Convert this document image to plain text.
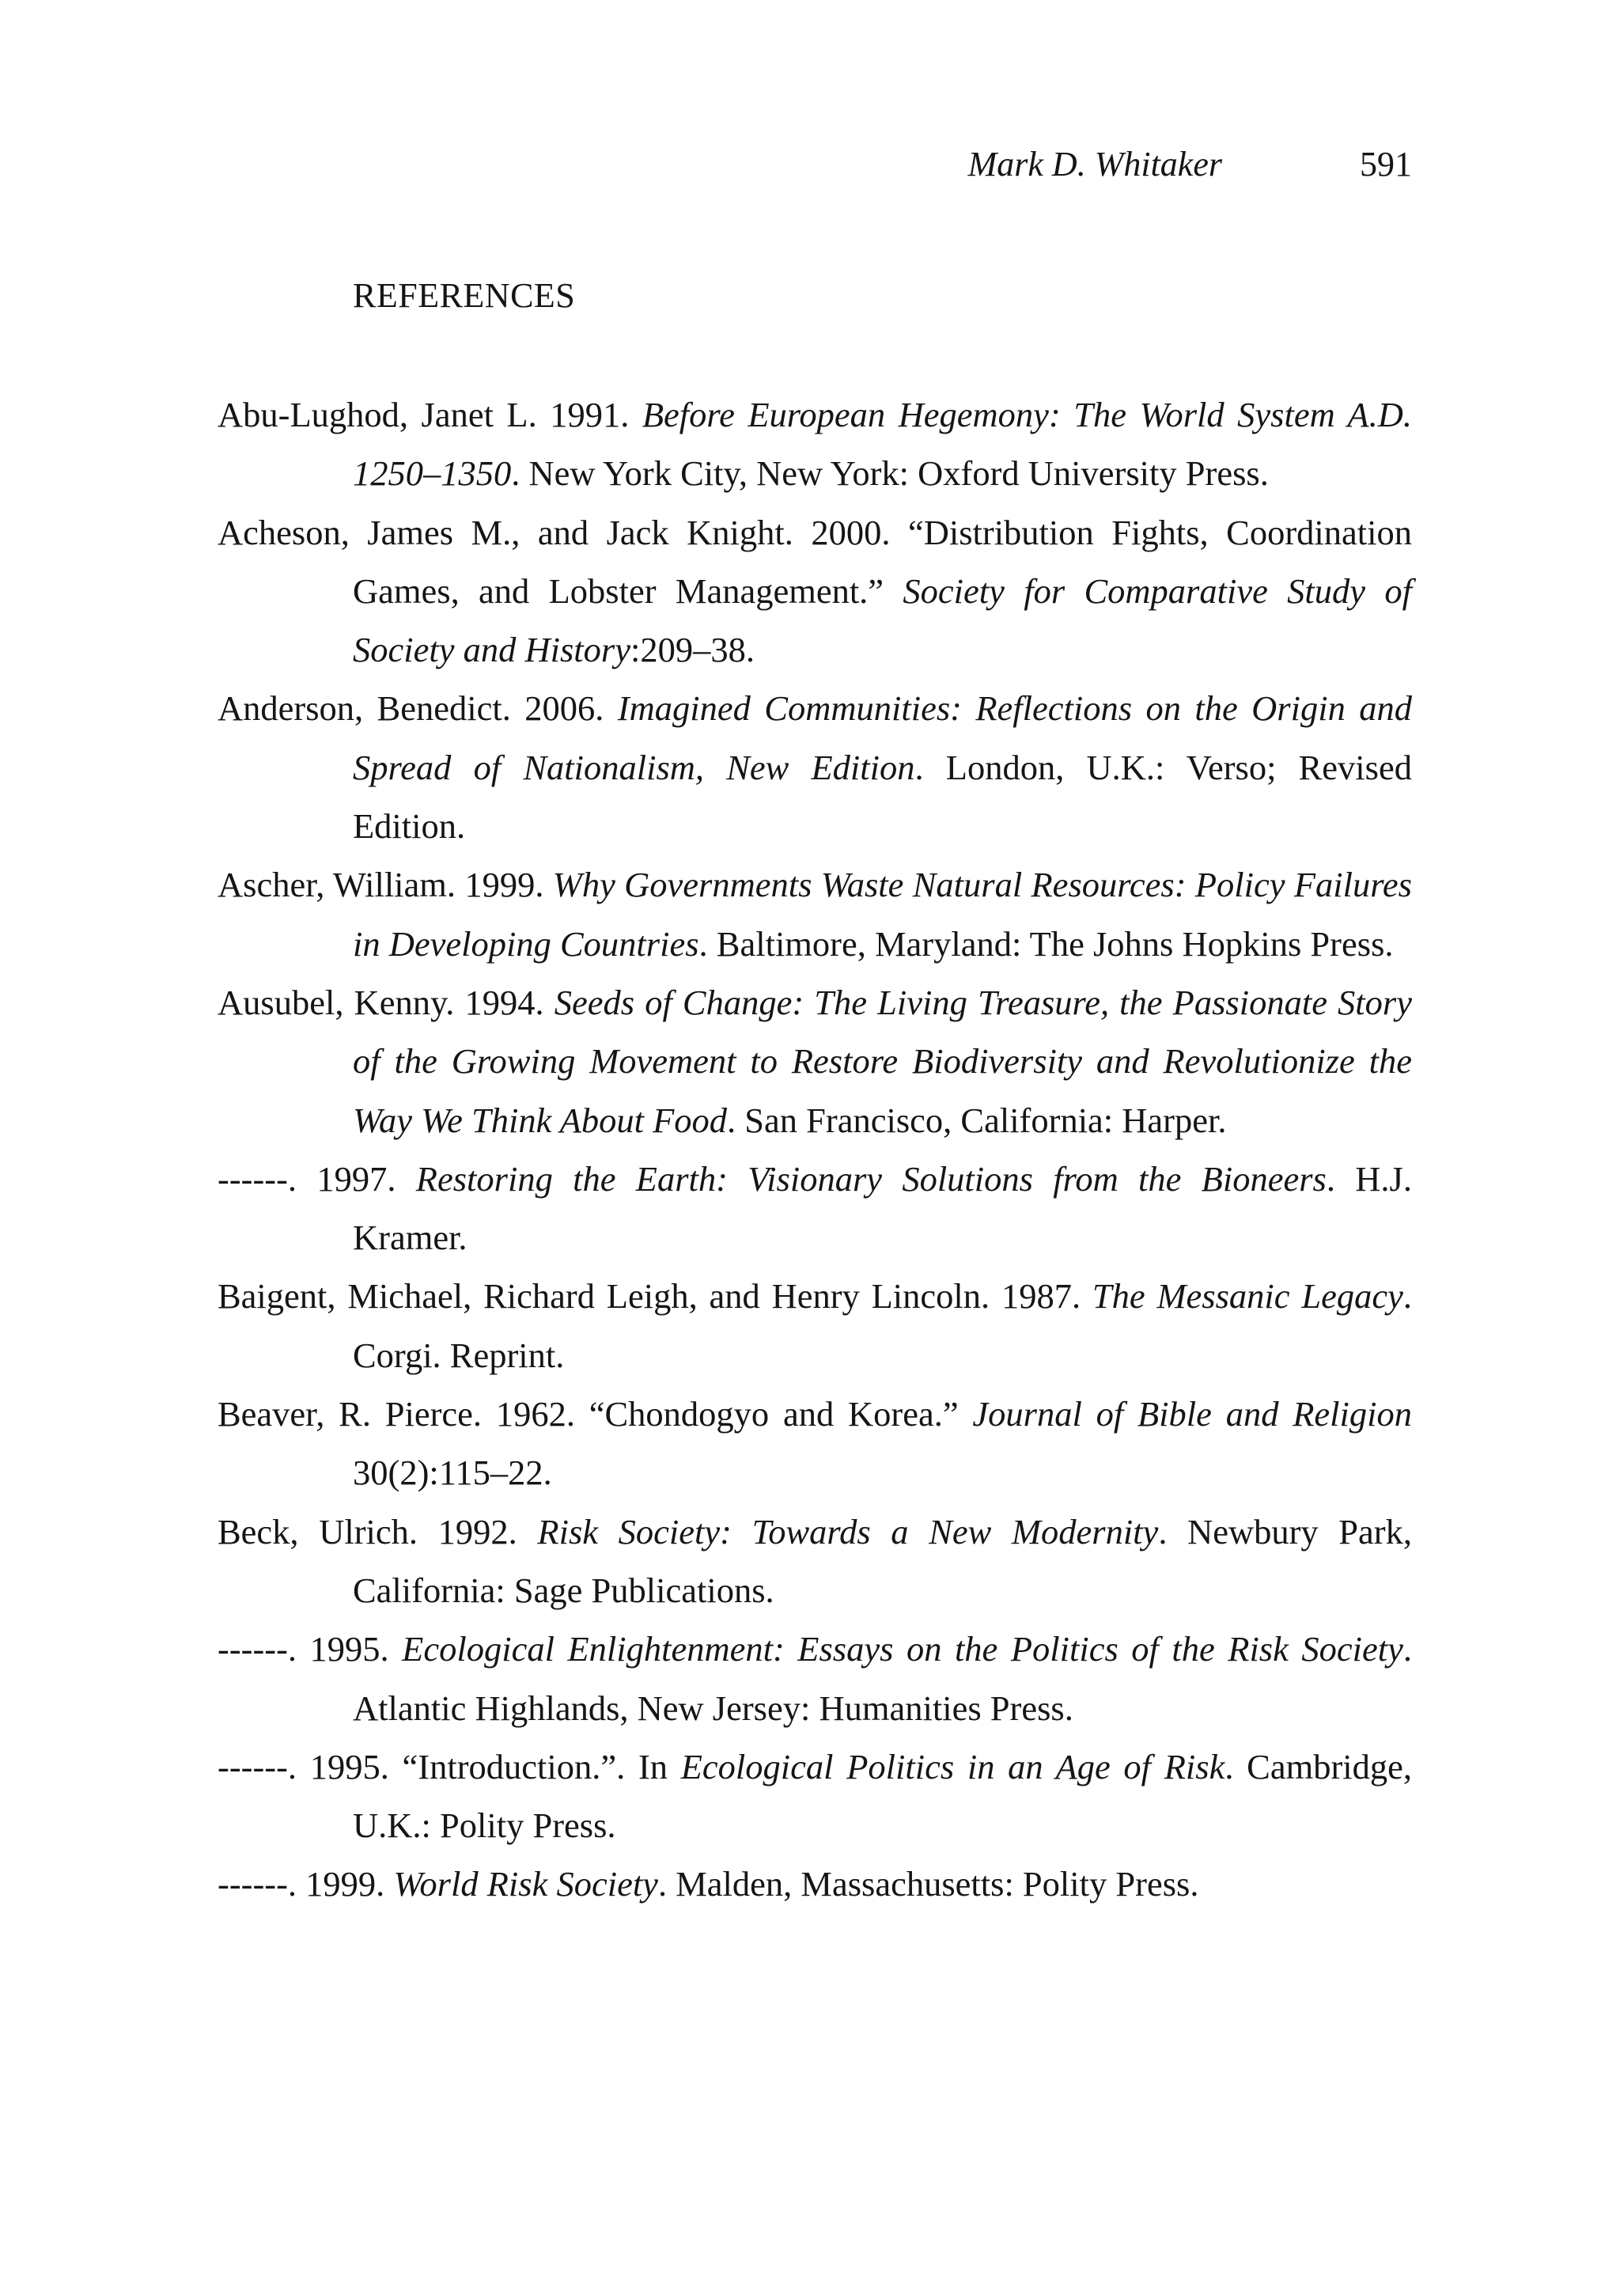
Mark D. Whitaker	591
REFERENCES

Abu-Lughod, Janet L. 1991. Before European Hegemony: The World System A.D. 1250–1350. New York City, New York: Oxford University Press.

Acheson, James M., and Jack Knight. 2000. “Distribution Fights, Coordination Games, and Lobster Management.” Society for Comparative Study of Society and History:209–38.

Anderson, Benedict. 2006. Imagined Communities: Reflections on the Origin and Spread of Nationalism, New Edition. London, U.K.: Verso; Revised Edition.

Ascher, William. 1999. Why Governments Waste Natural Resources: Policy Failures in Developing Countries. Baltimore, Maryland: The Johns Hopkins Press.

Ausubel, Kenny. 1994. Seeds of Change: The Living Treasure, the Passionate Story of the Growing Movement to Restore Biodiversity and Revolutionize the Way We Think About Food. San Francisco, California: Harper.

------. 1997. Restoring the Earth: Visionary Solutions from the Bioneers. H.J. Kramer.

Baigent, Michael, Richard Leigh, and Henry Lincoln. 1987. The Messanic Legacy. Corgi. Reprint.

Beaver, R. Pierce. 1962. “Chondogyo and Korea.” Journal of Bible and Religion 30(2):115–22.

Beck, Ulrich. 1992. Risk Society: Towards a New Modernity. Newbury Park, California: Sage Publications.

------. 1995. Ecological Enlightenment: Essays on the Politics of the Risk Society. Atlantic Highlands, New Jersey: Humanities Press.

------. 1995. “Introduction.”. In Ecological Politics in an Age of Risk. Cambridge, U.K.: Polity Press.

------. 1999. World Risk Society. Malden, Massachusetts: Polity Press.
